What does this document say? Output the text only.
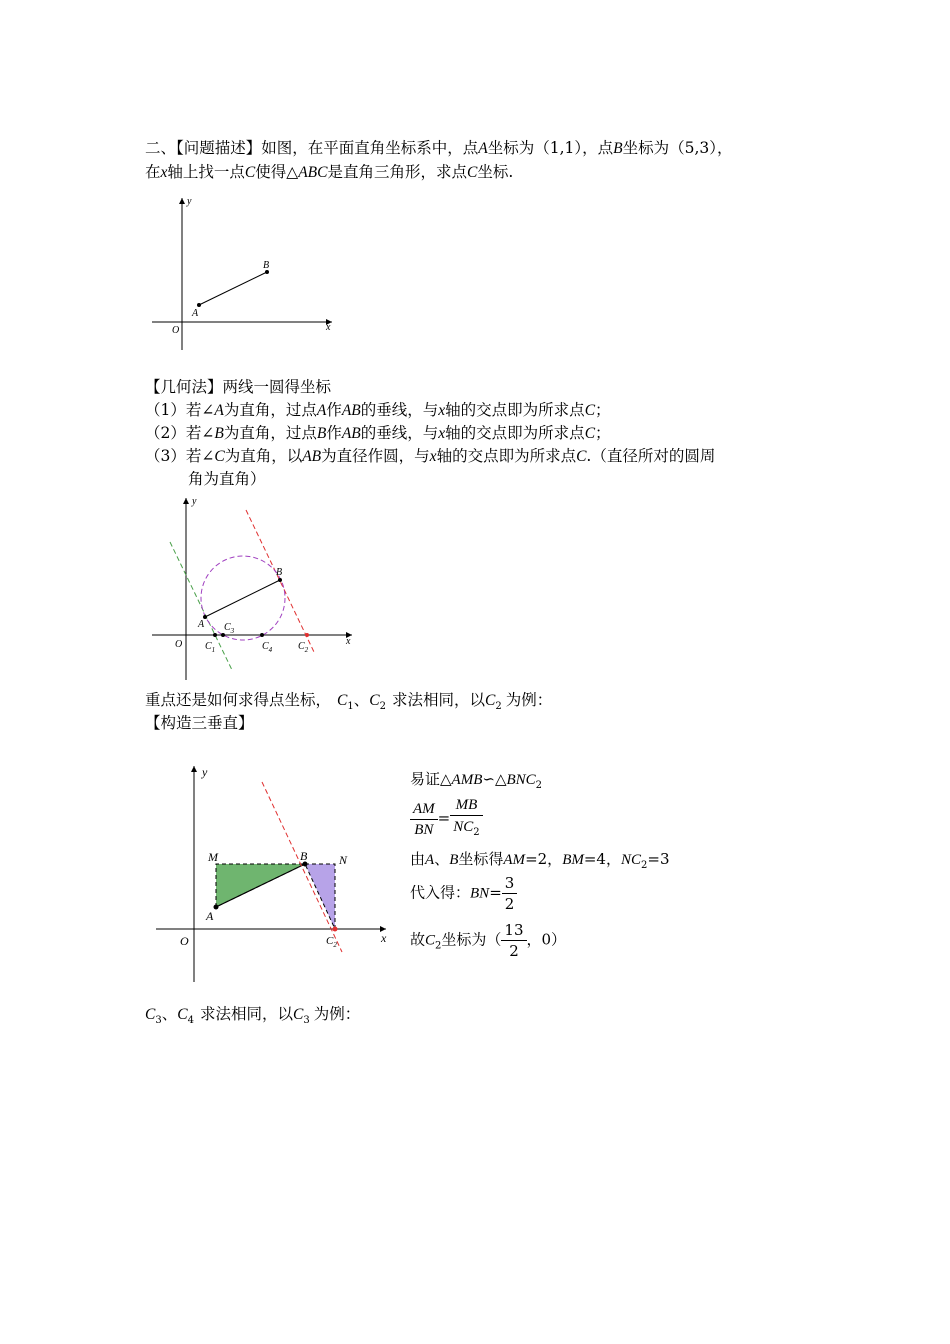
二、【问题描述】如图，在平面直角坐标系中，点A坐标为（1,1），点B坐标为（5,3），
在x轴上找一点C使得△ABC是直角三角形，求点C坐标.
y
x
O
A
B
【几何法】两线一圆得坐标
（1）若∠A为直角，过点A作AB的垂线，与x轴的交点即为所求点C；
（2）若∠B为直角，过点B作AB的垂线，与x轴的交点即为所求点C；
（3）若∠C为直角，以AB为直径作圆，与x轴的交点即为所求点C.（直径所对的圆周
角为直角）
y
x
O
A
B
$C_3$
$C_1$	$C_4$	$C_2$
重点还是如何求得点坐标， $C_1$、$C_2$ 求法相同，以$C_2$ 为例：
【构造三垂直】
y
x
O
A
M	B	N
$C_2$
易证$\triangle AMB∽\triangle BNC_2$
$\frac{AM}{BN} = \frac{MB}{NC_2}$
由A、B坐标得AM=2，BM=4，$NC_2=3$
代入得：$BN= \frac{3}{2}$
故$C_2$坐标为（ $\frac{13}{2}$ ，0）
$C_3$、$C_4$ 求法相同，以$C_3$ 为例：
